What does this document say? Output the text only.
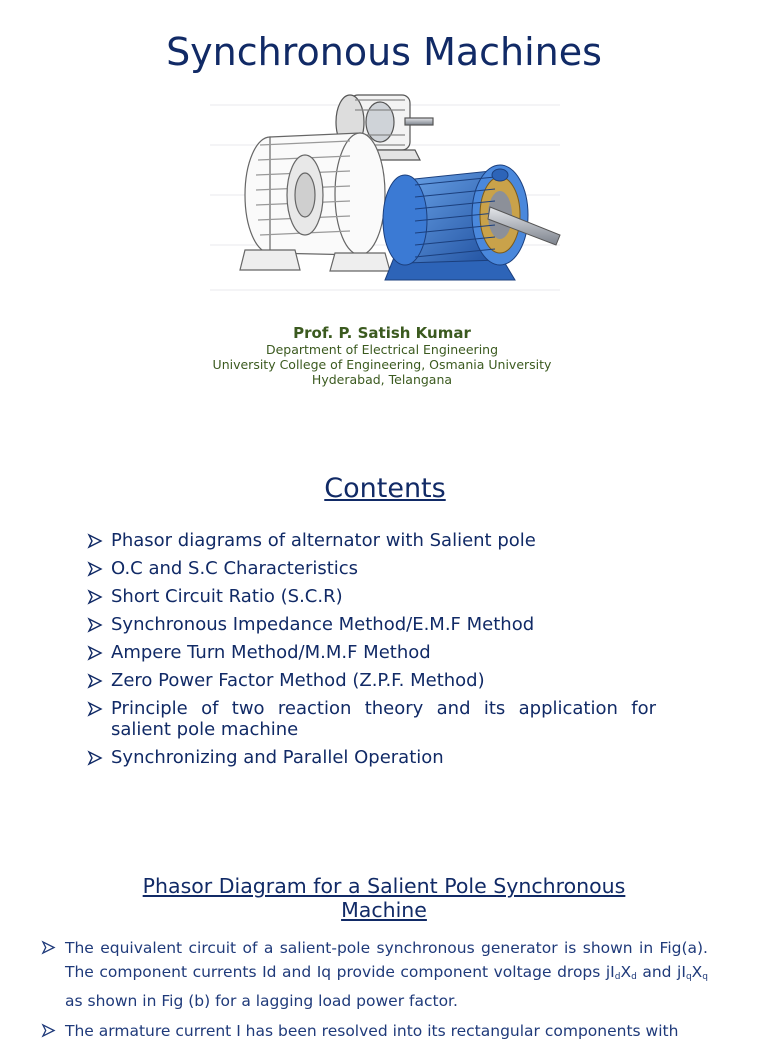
Synchronous Machines
Prof. P. Satish Kumar
Department of Electrical Engineering
University College of Engineering, Osmania University
Hyderabad, Telangana
Contents
Phasor diagrams of alternator with Salient pole
O.C and S.C Characteristics
Short Circuit Ratio (S.C.R)
Synchronous Impedance Method/E.M.F Method
Ampere Turn Method/M.M.F Method
Zero Power Factor Method (Z.P.F. Method)
Principle of two reaction theory and its application for salient pole machine
Synchronizing and Parallel Operation
Phasor Diagram for a Salient Pole Synchronous Machine
The equivalent circuit of a salient-pole synchronous generator is shown in Fig(a). The component currents Id and Iq provide component voltage drops $jI_dX_d$ and $jI_qX_q$ as shown in Fig (b) for a lagging load power factor.
The armature current I has been resolved into its rectangular components with
